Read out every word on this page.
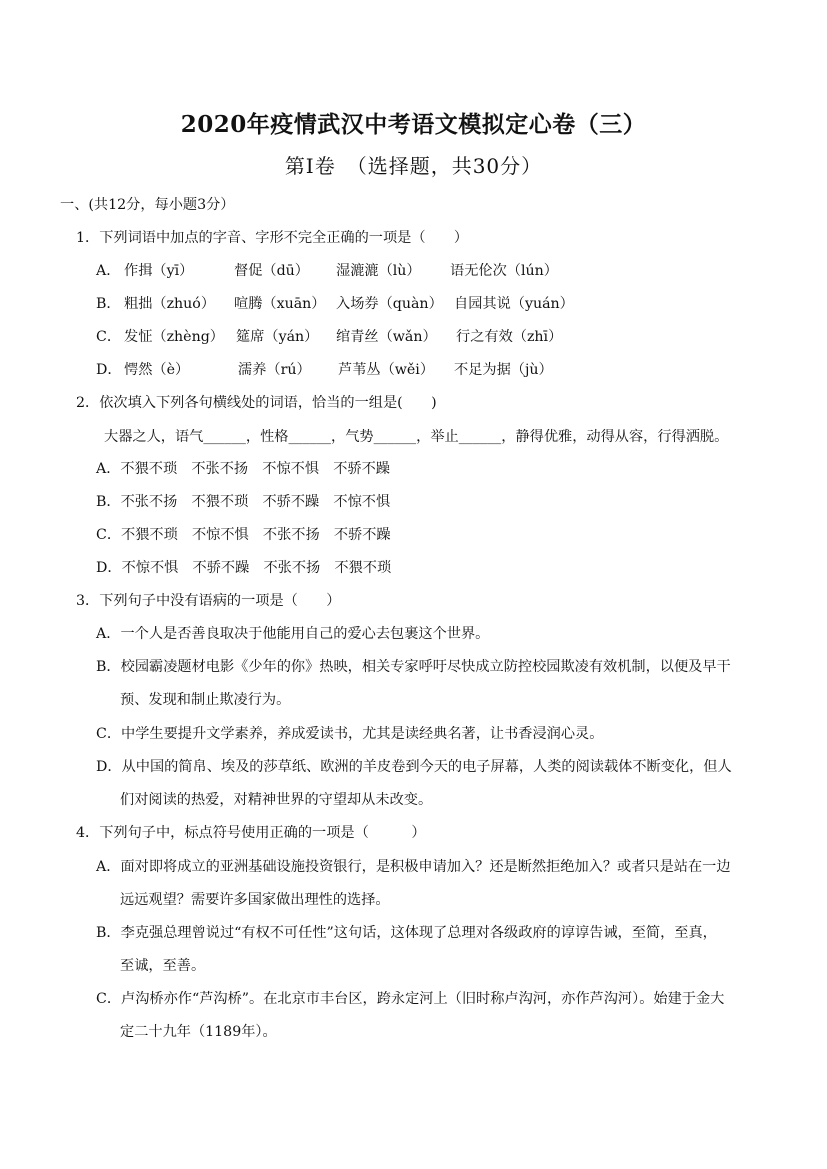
2020年疫情武汉中考语文模拟定心卷（三）
第Ⅰ卷　（选择题，共30分）
一、(共12分，每小题3分）
1．下列词语中加点的字音、字形不完全正确的一项是（　　）
A． 作揖（yī）	督促（dū） 湿漉漉（lù） 语无伦次（lún）
B． 粗拙（zhuó） 喧腾（xuān） 入场券（quàn） 自园其说（yuán）
C． 发怔（zhèng） 筵席（yán） 绾青丝（wǎn） 行之有效（zhī）
D． 愕然（è）	濡养（rú） 芦苇丛（wěi） 不足为据（jù）
2．依次填入下列各句横线处的词语，恰当的一组是(　　)
大器之人，语气______，性格______，气势______，举止______，静得优雅，动得从容，行得洒脱。
A．不猥不琐　不张不扬　不惊不惧　不骄不躁
B．不张不扬　不猥不琐　不骄不躁　不惊不惧
C．不猥不琐　不惊不惧　不张不扬　不骄不躁
D．不惊不惧　不骄不躁　不张不扬　不猥不琐
3．下列句子中没有语病的一项是（　　）
A．一个人是否善良取决于他能用自己的爱心去包裹这个世界。
B．校园霸凌题材电影《少年的你》热映，相关专家呼吁尽快成立防控校园欺凌有效机制，以便及早干
预、发现和制止欺凌行为。
C．中学生要提升文学素养，养成爱读书，尤其是读经典名著，让书香浸润心灵。
D．从中国的简帛、埃及的莎草纸、欧洲的羊皮卷到今天的电子屏幕，人类的阅读载体不断变化，但人
们对阅读的热爱，对精神世界的守望却从未改变。
4．下列句子中，标点符号使用正确的一项是（　　　）
A．面对即将成立的亚洲基础设施投资银行，是积极申请加入？还是断然拒绝加入？或者只是站在一边
远远观望？需要许多国家做出理性的选择。
B．李克强总理曾说过“有权不可任性”这句话，这体现了总理对各级政府的谆谆告诫，至简，至真，
至诚，至善。
C．卢沟桥亦作“芦沟桥”。在北京市丰台区，跨永定河上（旧时称卢沟河，亦作芦沟河）。始建于金大
定二十九年（1189年）。
